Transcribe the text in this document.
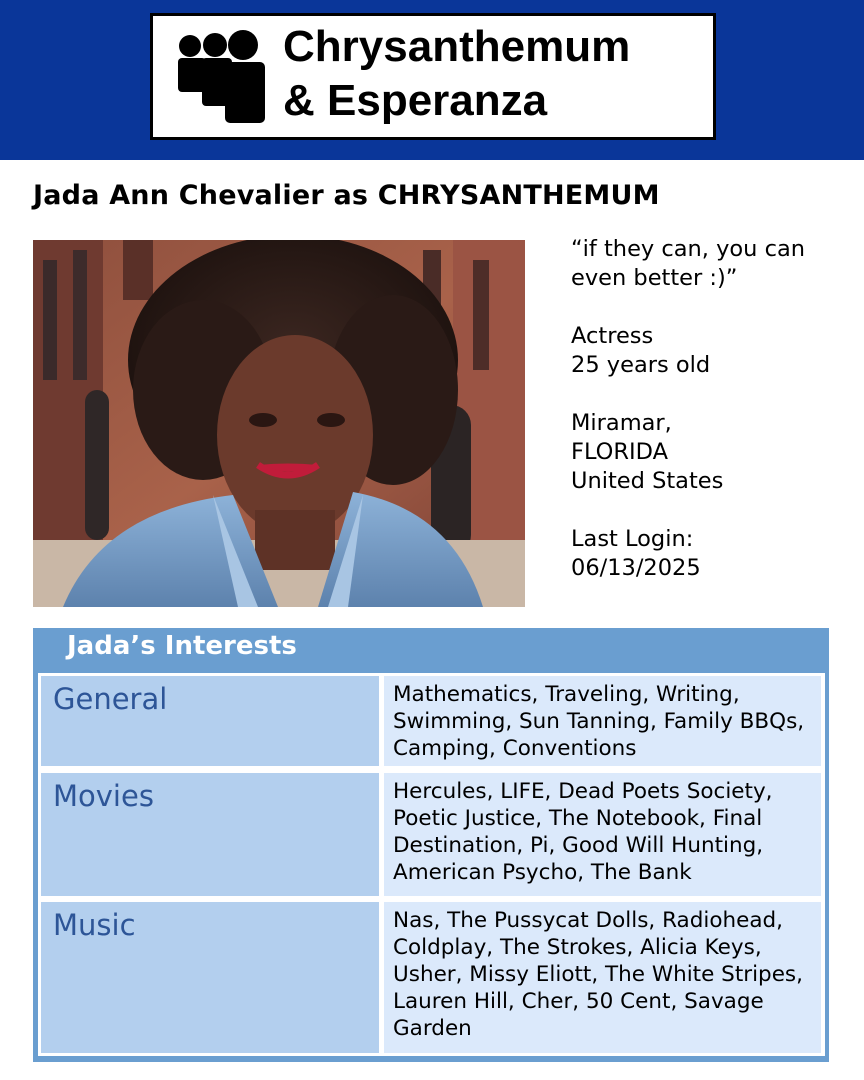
Chrysanthemum
& Esperanza
Jada Ann Chevalier as CHRYSANTHEMUM
“if they can, you can even better :)”
Actress
25 years old
Miramar,
FLORIDA
United States
Last Login:
06/13/2025
Jada’s Interests
General	Mathematics, Traveling, Writing, Swimming, Sun Tanning, Family BBQs, Camping, Conventions
Movies	Hercules, LIFE, Dead Poets Society, Poetic Justice, The Notebook, Final Destination, Pi, Good Will Hunting, American Psycho, The Bank
Music	Nas, The Pussycat Dolls, Radiohead, Coldplay, The Strokes, Alicia Keys, Usher, Missy Eliott, The White Stripes, Lauren Hill, Cher, 50 Cent, Savage Garden
